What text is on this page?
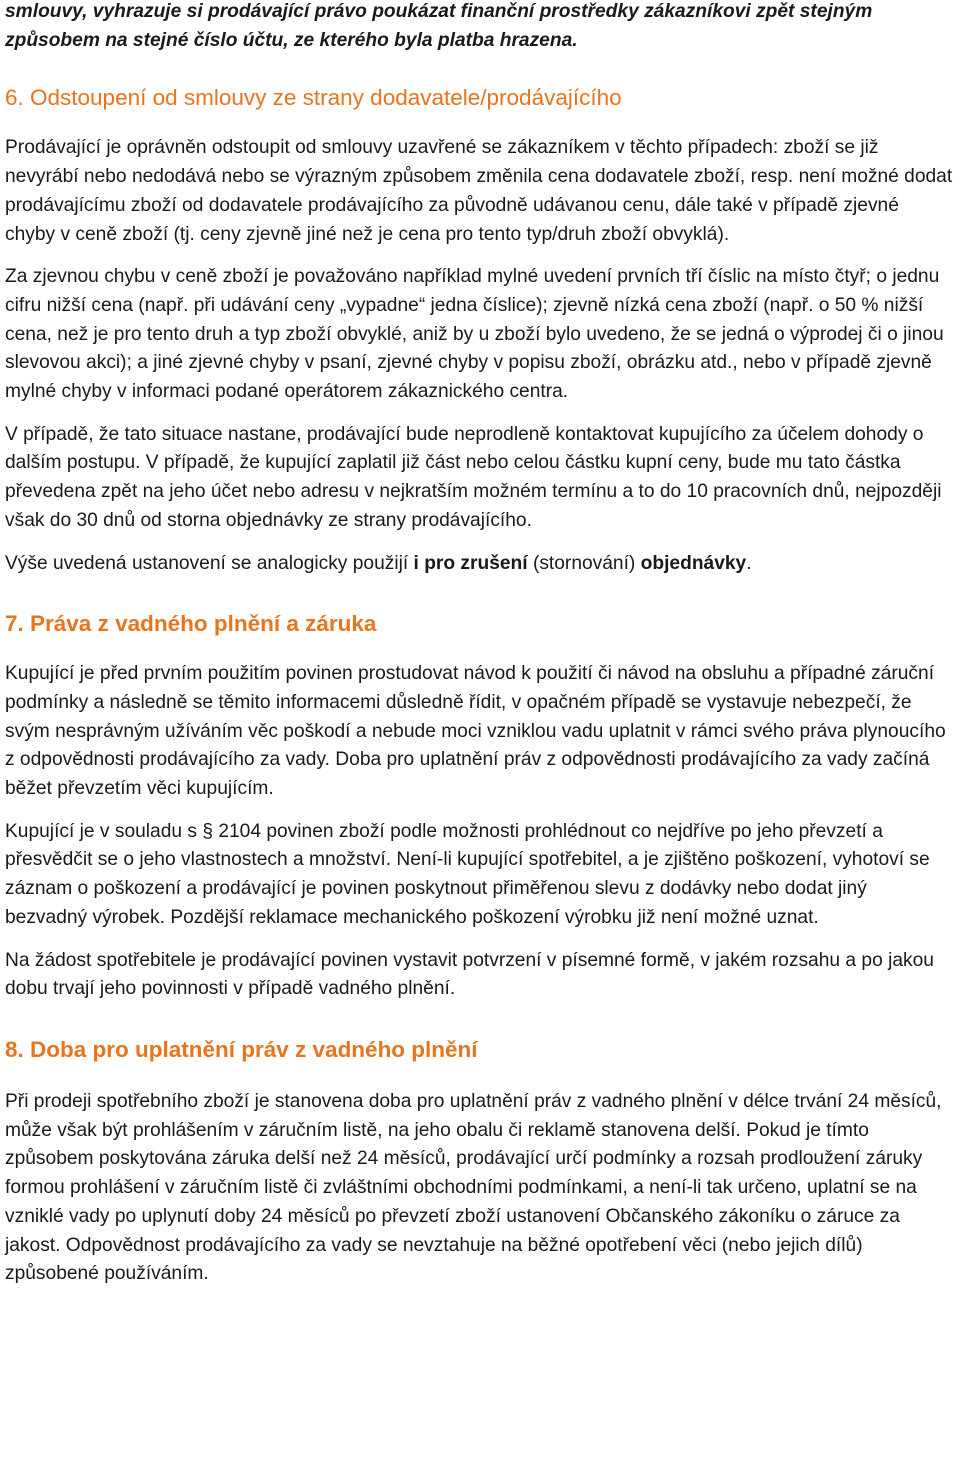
smlouvy, vyhrazuje si prodávající právo poukázat finanční prostředky zákazníkovi zpět stejným způsobem na stejné číslo účtu, ze kterého byla platba hrazena.

6. Odstoupení od smlouvy ze strany dodavatele/prodávajícího

Prodávající je oprávněn odstoupit od smlouvy uzavřené se zákazníkem v těchto případech: zboží se již nevyrábí nebo nedodává nebo se výrazným způsobem změnila cena dodavatele zboží, resp. není možné dodat prodávajícímu zboží od dodavatele prodávajícího za původně udávanou cenu, dále také v případě zjevné chyby v ceně zboží (tj. ceny zjevně jiné než je cena pro tento typ/druh zboží obvyklá).

Za zjevnou chybu v ceně zboží je považováno například mylné uvedení prvních tří číslic na místo čtyř; o jednu cifru nižší cena (např. při udávání ceny „vypadne“ jedna číslice); zjevně nízká cena zboží (např. o 50 % nižší cena, než je pro tento druh a typ zboží obvyklé, aniž by u zboží bylo uvedeno, že se jedná o výprodej či o jinou slevovou akci); a jiné zjevné chyby v psaní, zjevné chyby v popisu zboží, obrázku atd., nebo v případě zjevně mylné chyby v informaci podané operátorem zákaznického centra.

V případě, že tato situace nastane, prodávající bude neprodleně kontaktovat kupujícího za účelem dohody o dalším postupu. V případě, že kupující zaplatil již část nebo celou částku kupní ceny, bude mu tato částka převedena zpět na jeho účet nebo adresu v nejkratším možném termínu a to do 10 pracovních dnů, nejpozději však do 30 dnů od storna objednávky ze strany prodávajícího.

Výše uvedená ustanovení se analogicky použijí i pro zrušení (stornování) objednávky.

7. Práva z vadného plnění a záruka

Kupující je před prvním použitím povinen prostudovat návod k použití či návod na obsluhu a případné záruční podmínky a následně se těmito informacemi důsledně řídit, v opačném případě se vystavuje nebezpečí, že svým nesprávným užíváním věc poškodí a nebude moci vzniklou vadu uplatnit v rámci svého práva plynoucího z odpovědnosti prodávajícího za vady. Doba pro uplatnění práv z odpovědnosti prodávajícího za vady začíná běžet převzetím věci kupujícím.

Kupující je v souladu s § 2104 povinen zboží podle možnosti prohlédnout co nejdříve po jeho převzetí a přesvědčit se o jeho vlastnostech a množství. Není-li kupující spotřebitel, a je zjištěno poškození, vyhotoví se záznam o poškození a prodávající je povinen poskytnout přiměřenou slevu z dodávky nebo dodat jiný bezvadný výrobek. Pozdější reklamace mechanického poškození výrobku již není možné uznat.

Na žádost spotřebitele je prodávající povinen vystavit potvrzení v písemné formě, v jakém rozsahu a po jakou dobu trvají jeho povinnosti v případě vadného plnění.

8. Doba pro uplatnění práv z vadného plnění

Při prodeji spotřebního zboží je stanovena doba pro uplatnění práv z vadného plnění v délce trvání 24 měsíců, může však být prohlášením v záručním listě, na jeho obalu či reklamě stanovena delší. Pokud je tímto způsobem poskytována záruka delší než 24 měsíců, prodávající určí podmínky a rozsah prodloužení záruky formou prohlášení v záručním listě či zvláštními obchodními podmínkami, a není-li tak určeno, uplatní se na vzniklé vady po uplynutí doby 24 měsíců po převzetí zboží ustanovení Občanského zákoníku o záruce za jakost. Odpovědnost prodávajícího za vady se nevztahuje na běžné opotřebení věci (nebo jejich dílů) způsobené používáním.
